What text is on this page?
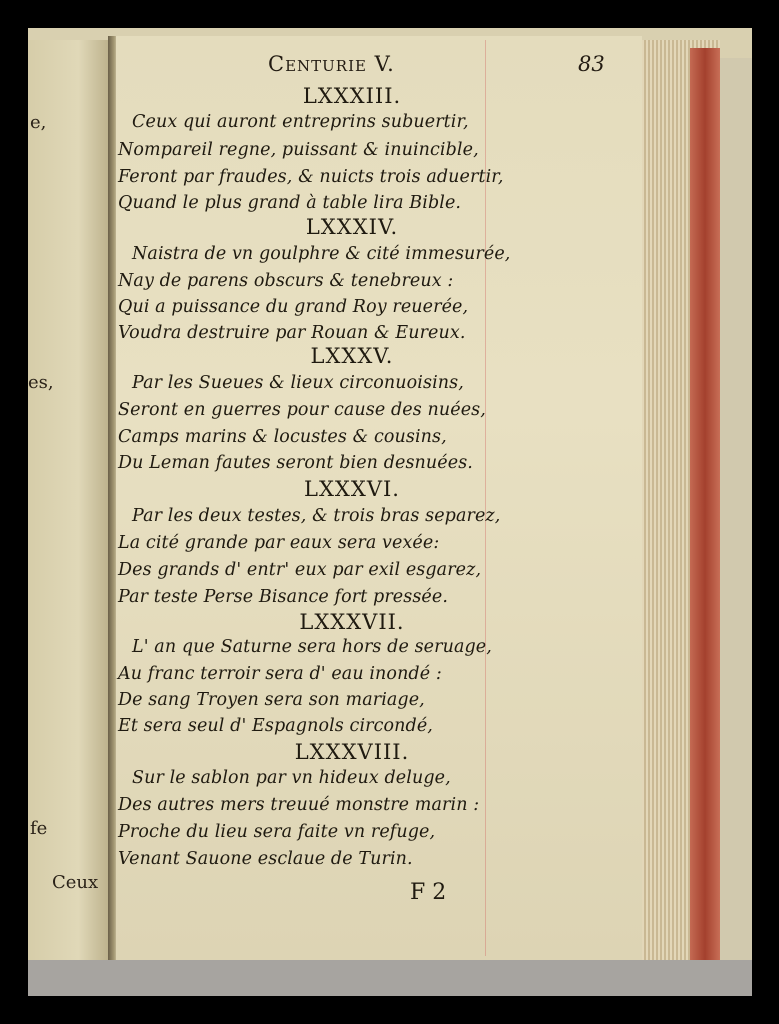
e,
es,
fe
Ceux
Centurie V.	83
LXXXIII.
Ceux qui auront entreprins subuertir,
Nompareil regne, puissant & inuincible,
Feront par fraudes, & nuicts trois aduertir,
Quand le plus grand à table lira Bible.
LXXXIV.
Naistra de vn goulphre & cité immesurée,
Nay de parens obscurs & tenebreux :
Qui a puissance du grand Roy reuerée,
Voudra destruire par Rouan & Eureux.
LXXXV.
Par les Sueues & lieux circonuoisins,
Seront en guerres pour cause des nuées,
Camps marins & locustes & cousins,
Du Leman fautes seront bien desnuées.
LXXXVI.
Par les deux testes, & trois bras separez,
La cité grande par eaux sera vexée:
Des grands d' entr' eux par exil esgarez,
Par teste Perse Bisance fort pressée.
LXXXVII.
L' an que Saturne sera hors de seruage,
Au franc terroir sera d' eau inondé :
De sang Troyen sera son mariage,
Et sera seul d' Espagnols circondé,
LXXXVIII.
Sur le sablon par vn hideux deluge,
Des autres mers treuué monstre marin :
Proche du lieu sera faite vn refuge,
Venant Sauone esclaue de Turin.
F 2
